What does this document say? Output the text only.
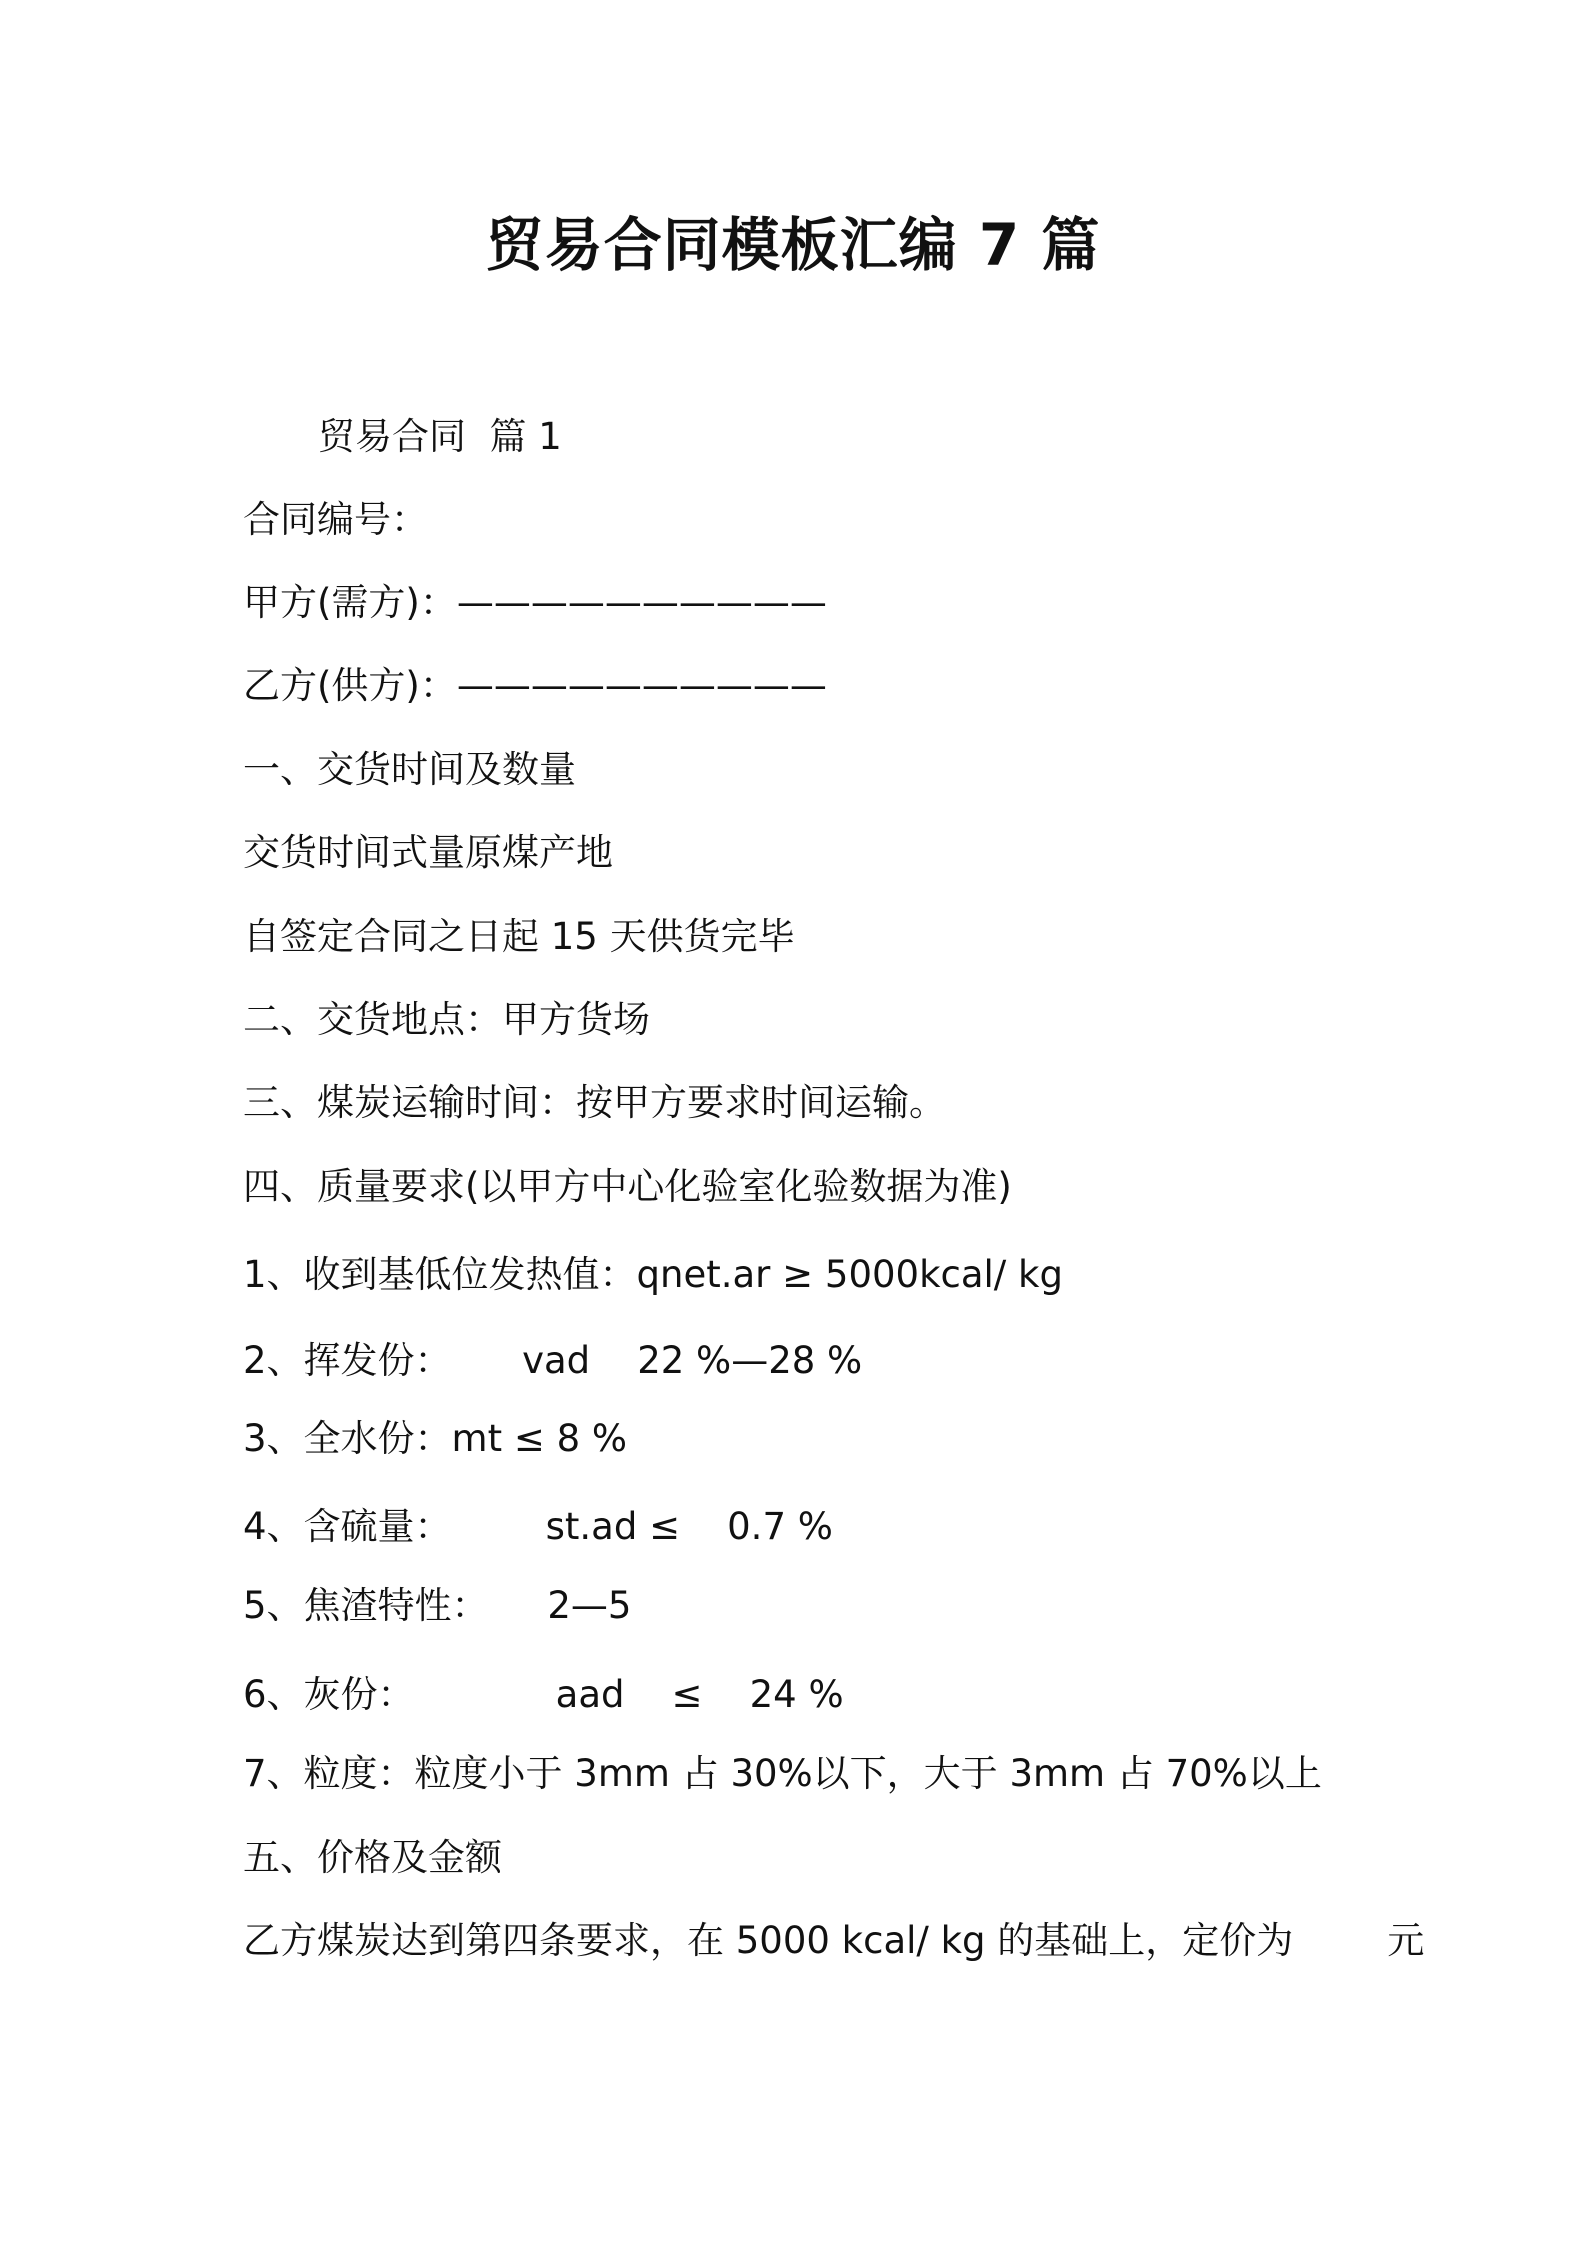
贸易合同模板汇编 7 篇

贸易合同  篇 1

合同编号：

甲方(需方)：——————————

乙方(供方)：——————————

一、交货时间及数量

交货时间式量原煤产地

自签定合同之日起 15 天供货完毕

二、交货地点：甲方货场

三、煤炭运输时间：按甲方要求时间运输。

四、质量要求(以甲方中心化验室化验数据为准)

1、收到基低位发热值：qnet.ar ≥ 5000kcal/ kg

2、挥发份：      vad    22 %—28 %

3、全水份：mt ≤ 8 %

4、含硫量：        st.ad ≤    0.7 %

5、焦渣特性：     2—5

6、灰份：            aad    ≤    24 %

7、粒度：粒度小于 3mm 占 30%以下，大于 3mm 占 70%以上

五、价格及金额

乙方煤炭达到第四条要求，在 5000 kcal/ kg 的基础上，定价为        元
